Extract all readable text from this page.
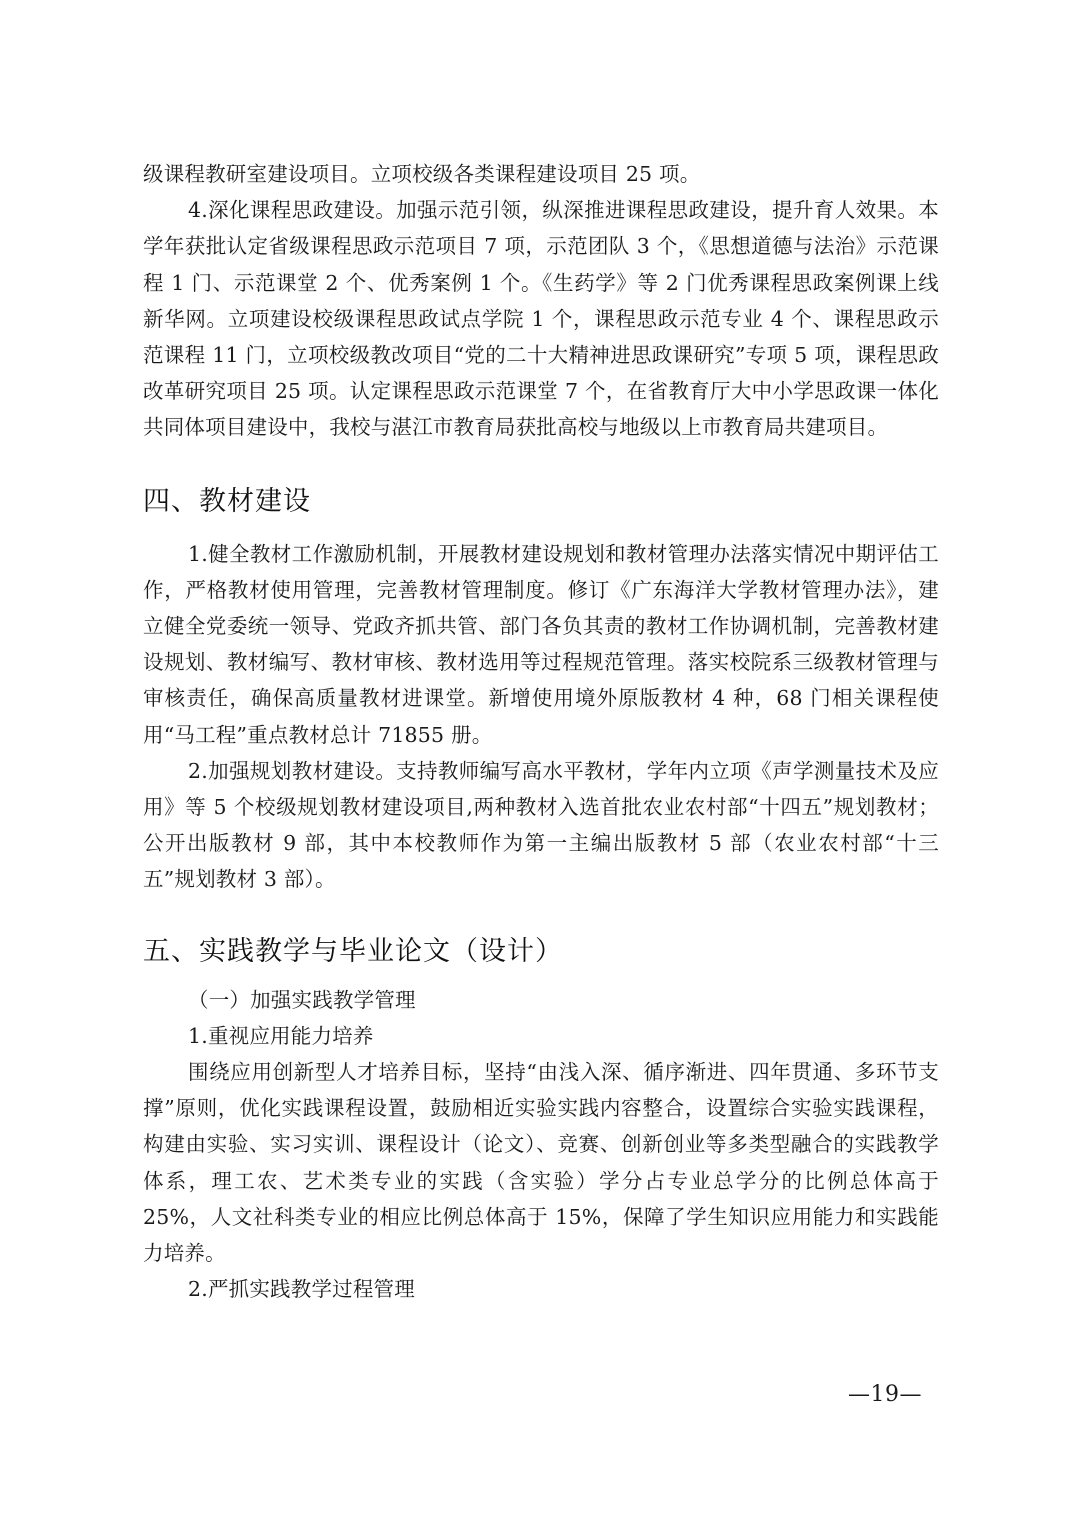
级课程教研室建设项目。立项校级各类课程建设项目 25 项。

4.深化课程思政建设。加强示范引领，纵深推进课程思政建设，提升育人效果。本学年获批认定省级课程思政示范项目 7 项，示范团队 3 个，《思想道德与法治》示范课程 1 门、示范课堂 2 个、优秀案例 1 个。《生药学》等 2 门优秀课程思政案例课上线新华网。立项建设校级课程思政试点学院 1 个，课程思政示范专业 4 个、课程思政示范课程 11 门，立项校级教改项目“党的二十大精神进思政课研究”专项 5 项，课程思政改革研究项目 25 项。认定课程思政示范课堂 7 个，在省教育厅大中小学思政课一体化共同体项目建设中，我校与湛江市教育局获批高校与地级以上市教育局共建项目。

四、教材建设

1.健全教材工作激励机制，开展教材建设规划和教材管理办法落实情况中期评估工作，严格教材使用管理，完善教材管理制度。修订《广东海洋大学教材管理办法》，建立健全党委统一领导、党政齐抓共管、部门各负其责的教材工作协调机制，完善教材建设规划、教材编写、教材审核、教材选用等过程规范管理。落实校院系三级教材管理与审核责任，确保高质量教材进课堂。新增使用境外原版教材 4 种，68 门相关课程使用“马工程”重点教材总计 71855 册。

2.加强规划教材建设。支持教师编写高水平教材，学年内立项《声学测量技术及应用》等 5 个校级规划教材建设项目,两种教材入选首批农业农村部“十四五”规划教材；公开出版教材 9 部，其中本校教师作为第一主编出版教材 5 部（农业农村部“十三五”规划教材 3 部）。

五、实践教学与毕业论文（设计）

（一）加强实践教学管理

1.重视应用能力培养

围绕应用创新型人才培养目标，坚持“由浅入深、循序渐进、四年贯通、多环节支撑”原则，优化实践课程设置，鼓励相近实验实践内容整合，设置综合实验实践课程，构建由实验、实习实训、课程设计（论文）、竞赛、创新创业等多类型融合的实践教学体系，理工农、艺术类专业的实践（含实验）学分占专业总学分的比例总体高于 25%，人文社科类专业的相应比例总体高于 15%，保障了学生知识应用能力和实践能力培养。

2.严抓实践教学过程管理

—19—
